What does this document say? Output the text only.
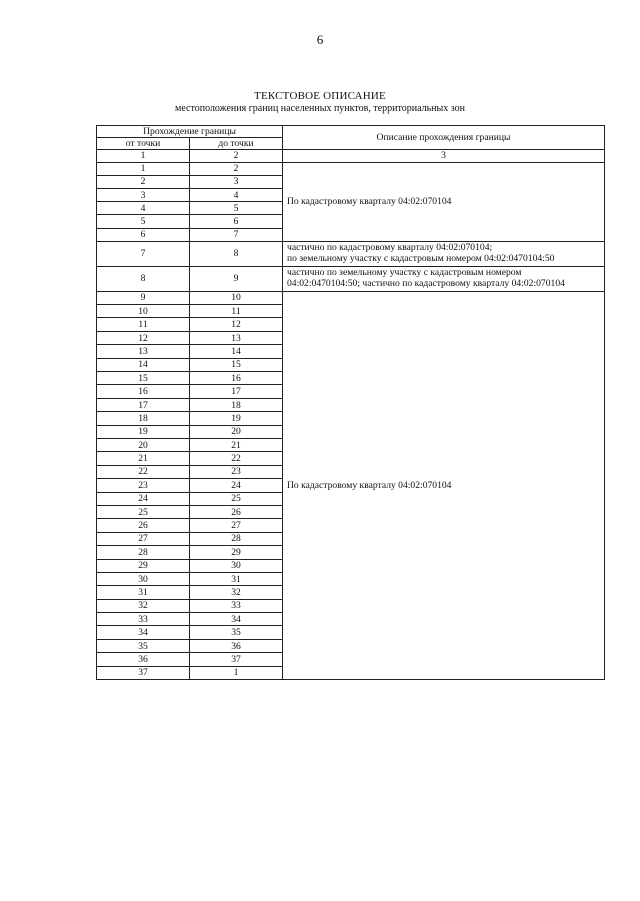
6
ТЕКСТОВОЕ ОПИСАНИЕ
местоположения границ населенных пунктов, территориальных зон
Прохождение границы		Описание прохождения границы
от точки	до точки	
1	2	3
1	2	По кадастровому кварталу 04:02:070104

2	3	
3	4	
4	5	
5	6	
6	7	
7	8	частично по кадастровому кварталу 04:02:070104;
по земельному участку с кадастровым номером 04:02:0470104:50

8	9	частично по земельному участку с кадастровым номером
04:02:0470104:50; частично по кадастровому кварталу 04:02:070104

9	10	По кадастровому кварталу 04:02:070104

10	11	
11	12	
12	13	
13	14	
14	15	
15	16	
16	17	
17	18	
18	19	
19	20	
20	21	
21	22	
22	23	
23	24	
24	25	
25	26	
26	27	
27	28	
28	29	
29	30	
30	31	
31	32	
32	33	
33	34	
34	35	
35	36	
36	37	
37	1	
